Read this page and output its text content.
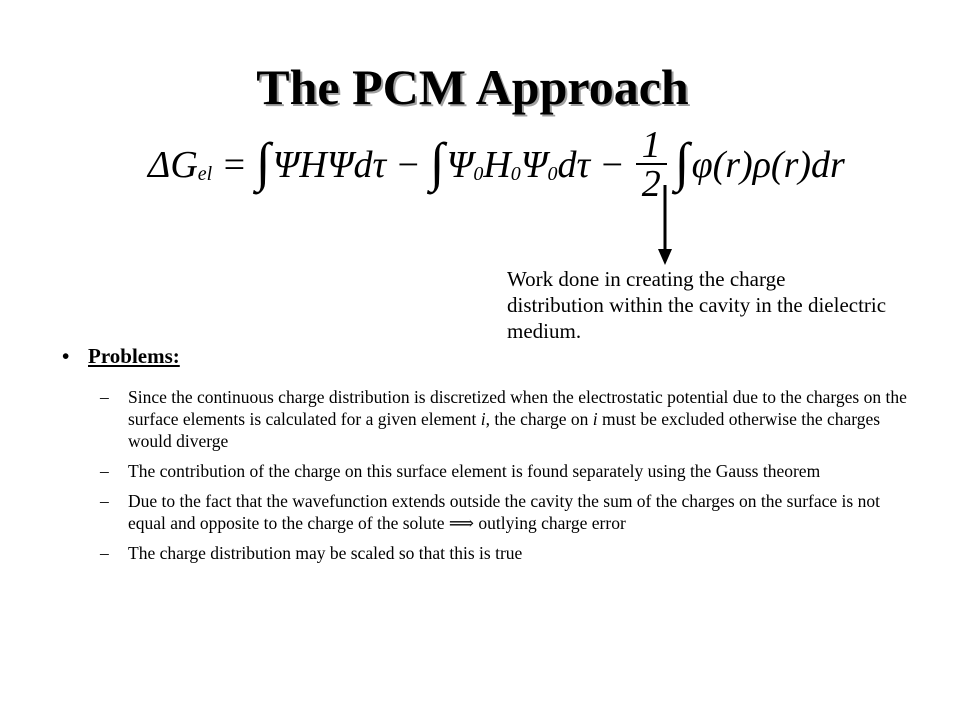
The PCM Approach
Δ G el = ∫ Ψ H Ψ dτ − ∫ Ψ 0 H 0 Ψ 0 $d\tau - \frac{1}{2}$ ∫ φ(r) ρ(r) dr
Work done in creating the charge distribution within the cavity in the dielectric medium.
• Problems:
–	Since the continuous charge distribution is discretized when the electrostatic potential due to the charges on the surface elements is calculated for a given element i, the charge on i must be excluded otherwise the charges would diverge
–	The contribution of the charge on this surface element is found separately using the Gauss theorem
–	Due to the fact that the wavefunction extends outside the cavity the sum of the charges on the surface is not equal and opposite to the charge of the solute ⟹ outlying charge error
–	The charge distribution may be scaled so that this is true
